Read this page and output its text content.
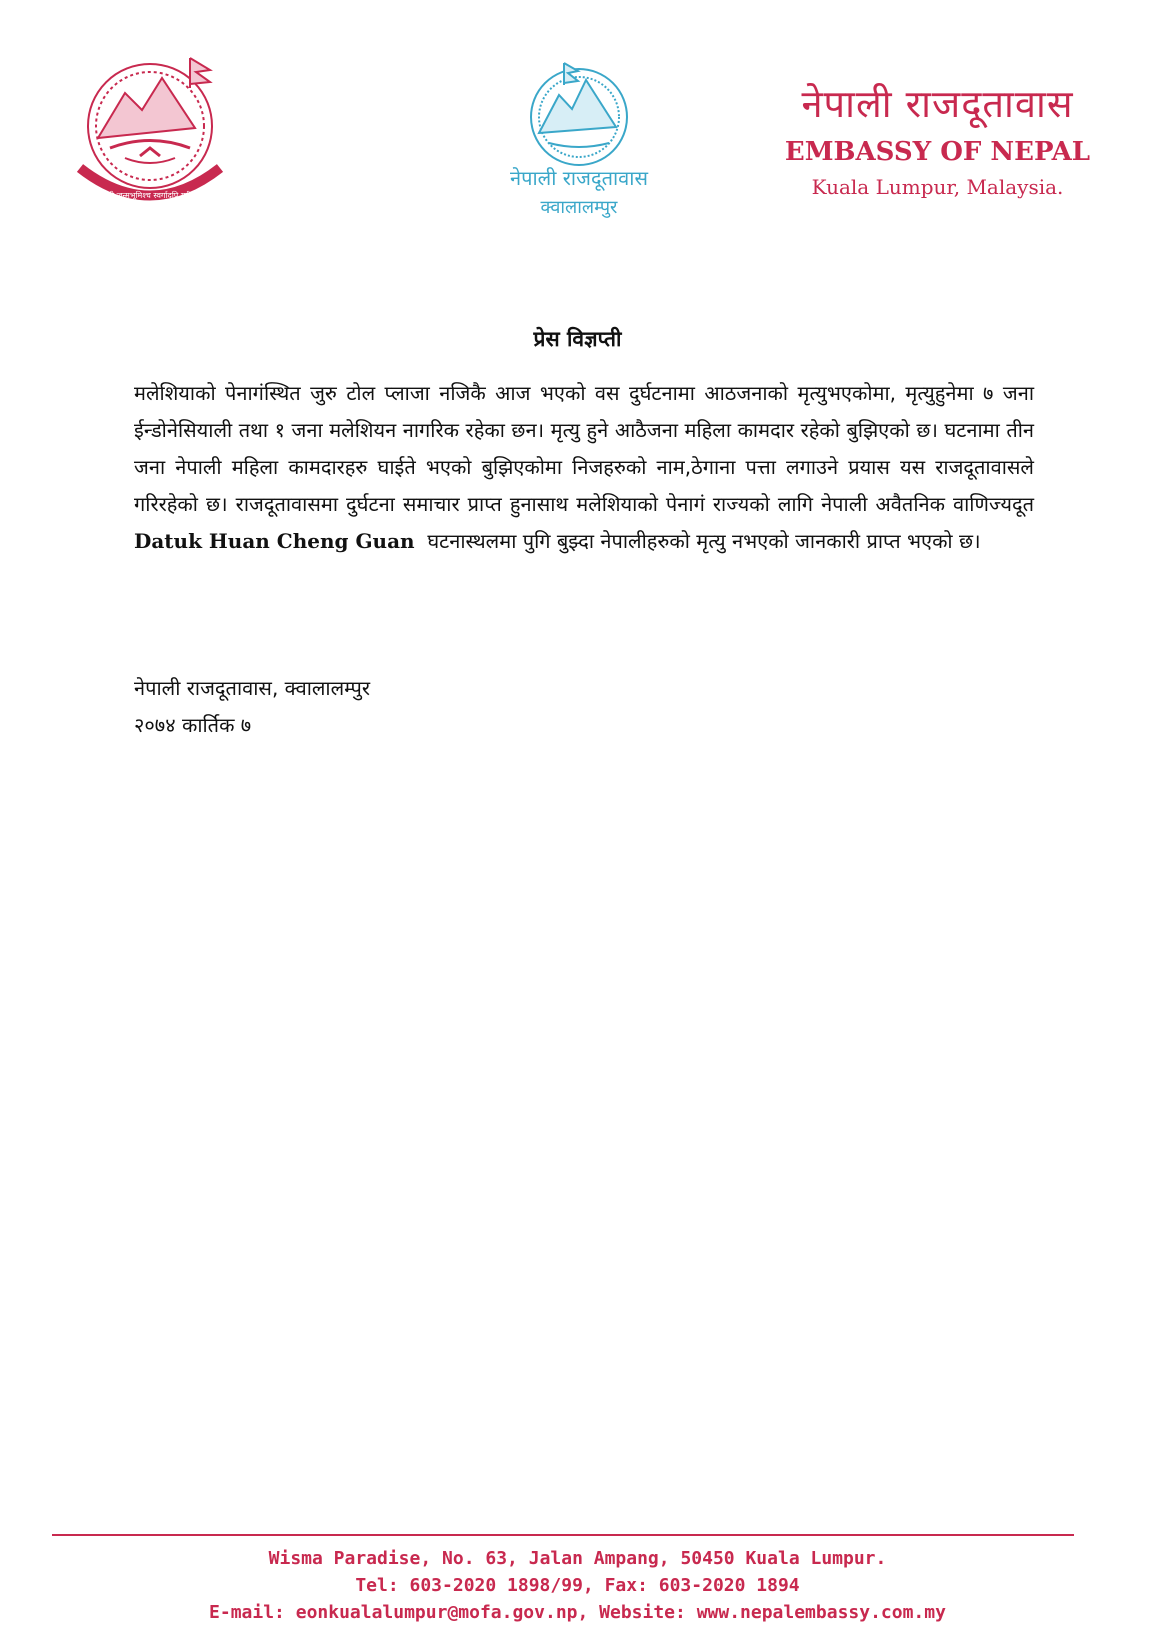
जननी जन्मभूमिश्च स्वर्गादपि गरीयसी
नेपाली राजदूतावास
क्वालालम्पुर
नेपाली राजदूतावास
EMBASSY OF NEPAL
Kuala Lumpur, Malaysia.
प्रेस विज्ञप्ती
मलेशियाको पेनागंस्थित जुरु टोल प्लाजा नजिकै आज भएको वस दुर्घटनामा आठजनाको मृत्युभएकोमा, मृत्युहुनेमा ७ जना ईन्डोनेसियाली तथा १ जना मलेशियन नागरिक रहेका छन। मृत्यु हुने आठैजना महिला कामदार रहेको बुझिएको छ। घटनामा तीन जना नेपाली महिला कामदारहरु घाईते भएको बुझिएकोमा निजहरुको नाम,ठेगाना पत्ता लगाउने प्रयास यस राजदूतावासले गरिरहेको छ। राजदूतावासमा दुर्घटना समाचार प्राप्त हुनासाथ मलेशियाको पेनागं राज्यको लागि नेपाली अवैतनिक वाणिज्यदूत Datuk Huan Cheng Guan घटनास्थलमा पुगि बुझ्दा नेपालीहरुको मृत्यु नभएको जानकारी प्राप्त भएको छ।
नेपाली राजदूतावास, क्वालालम्पुर
२०७४ कार्तिक ७
Wisma Paradise, No. 63, Jalan Ampang, 50450 Kuala Lumpur.
Tel: 603-2020 1898/99, Fax: 603-2020 1894
E-mail: eonkualalumpur@mofa.gov.np, Website: www.nepalembassy.com.my
